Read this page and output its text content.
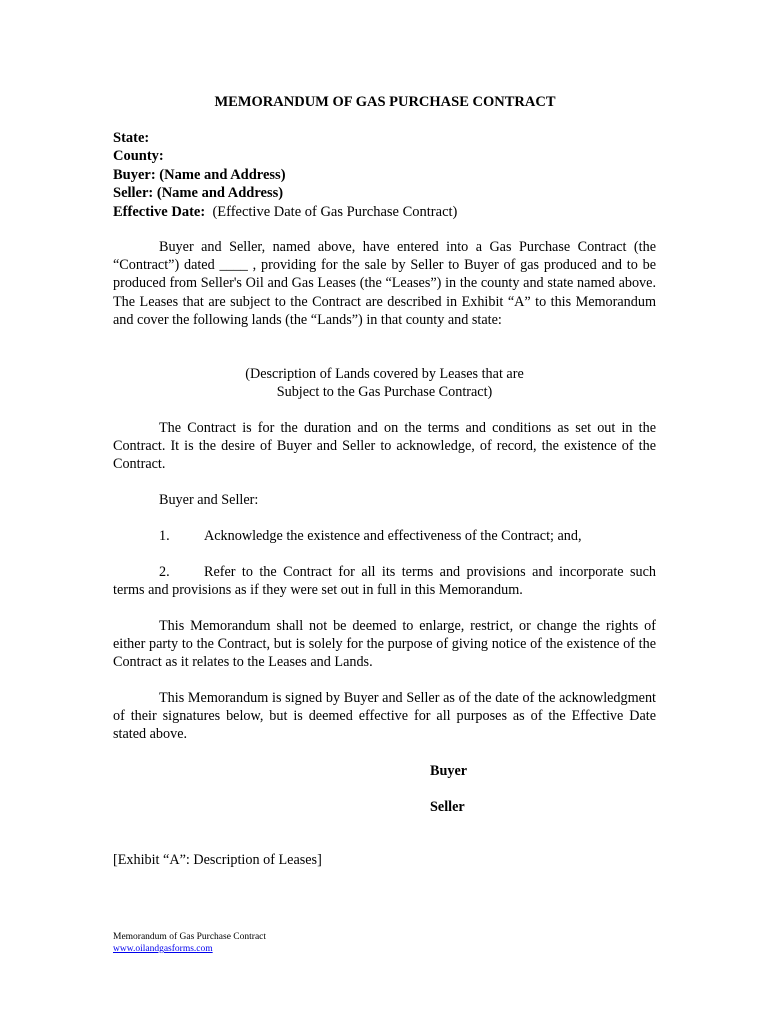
MEMORANDUM OF GAS PURCHASE CONTRACT
State:
County:
Buyer: (Name and Address)
Seller: (Name and Address)
Effective Date:  (Effective Date of Gas Purchase Contract)

Buyer and Seller, named above, have entered into a Gas Purchase Contract (the “Contract”) dated ____ , providing for the sale by Seller to Buyer of gas produced and to be produced from Seller's Oil and Gas Leases (the “Leases”) in the county and state named above. The Leases that are subject to the Contract are described in Exhibit “A” to this Memorandum and cover the following lands (the “Lands”) in that county and state:

(Description of Lands covered by Leases that are
Subject to the Gas Purchase Contract)

The Contract is for the duration and on the terms and conditions as set out in the Contract. It is the desire of Buyer and Seller to acknowledge, of record, the existence of the Contract.

Buyer and Seller:
1. Acknowledge the existence and effectiveness of the Contract; and,

2. Refer to the Contract for all its terms and provisions and incorporate such terms and provisions as if they were set out in full in this Memorandum.

This Memorandum shall not be deemed to enlarge, restrict, or change the rights of either party to the Contract, but is solely for the purpose of giving notice of the existence of the Contract as it relates to the Leases and Lands.

This Memorandum is signed by Buyer and Seller as of the date of the acknowledgment of their signatures below, but is deemed effective for all purposes as of the Effective Date stated above.

Buyer
Seller
[Exhibit “A”: Description of Leases]
Memorandum of Gas Purchase Contract
www.oilandgasforms.com
